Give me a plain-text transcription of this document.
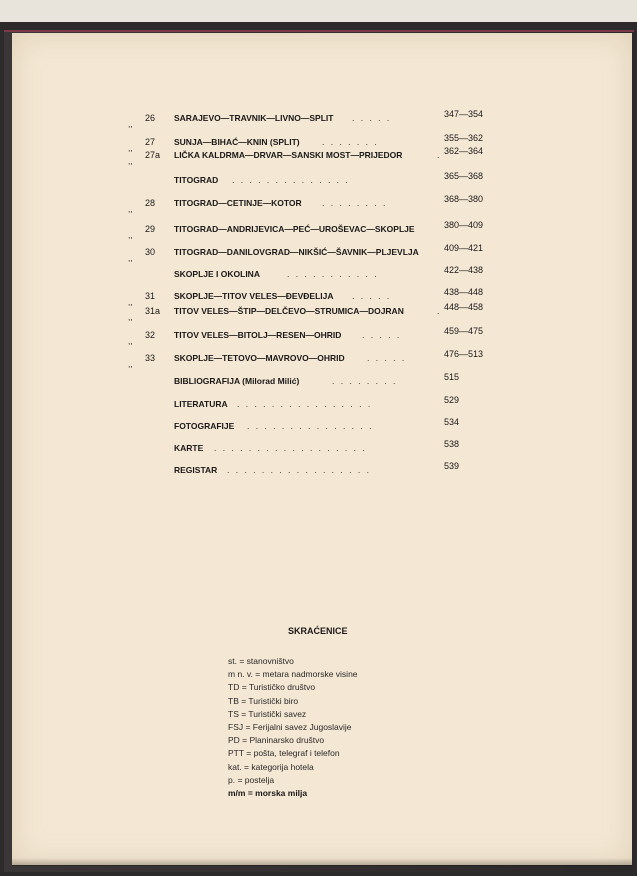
,,
26 SARAJEVO—TRAVNIK—LIVNO—SPLIT . . . . .	347—354
,,
27 SUNJA—BIHAĆ—KNIN (SPLIT)	. . . . . . .	355—362
,,
27a LIČKA KALDRMA—DRVAR—SANSKI MOST—PRIJEDOR	. 362—364
TITOGRAD . . . . . . . . . . . . . .	365—368
,,
28 TITOGRAD—CETINJE—KOTOR . . . . . . . .	368—380
,,
29 TITOGRAD—ANDRIJEVICA—PEĆ—UROŠEVAC—SKOPLJE	380—409
,,
30 TITOGRAD—DANILOVGRAD—NIKŠIĆ—ŠAVNIK—PLJEVLJA	409—421
SKOPLJE I OKOLINA	. . . . . . . . . . .	422—438
,,
31 SKOPLJE—TITOV VELES—ĐEVĐELIJA . . . . .	438—448
,,
31a TITOV VELES—ŠTIP—DELČEVO—STRUMICA—DOJRAN	. 448—458
,,
32 TITOV VELES—BITOLJ—RESEN—OHRID . . . . .	459—475
,,
33 SKOPLJE—TETOVO—MAVROVO—OHRID	. . . . .	476—513
BIBLIOGRAFIJA (Milorad Milić)	. . . . . . . .	515
LITERATURA . . . . . . . . . . . . . . . .	529
FOTOGRAFIJE . . . . . . . . . . . . . . .	534
KARTE . . . . . . . . . . . . . . . . . .	538
REGISTAR . . . . . . . . . . . . . . . . .	539
SKRAĆENICE
st. = stanovništvo
m n. v. = metara nadmorske visine
TD = Turističko društvo
TB = Turistički biro
TS = Turistički savez
FSJ = Ferijalni savez Jugoslavije
PD = Planinarsko društvo
PTT = pošta, telegraf i telefon
kat. = kategorija hotela
p. = postelja
m/m = morska milja
